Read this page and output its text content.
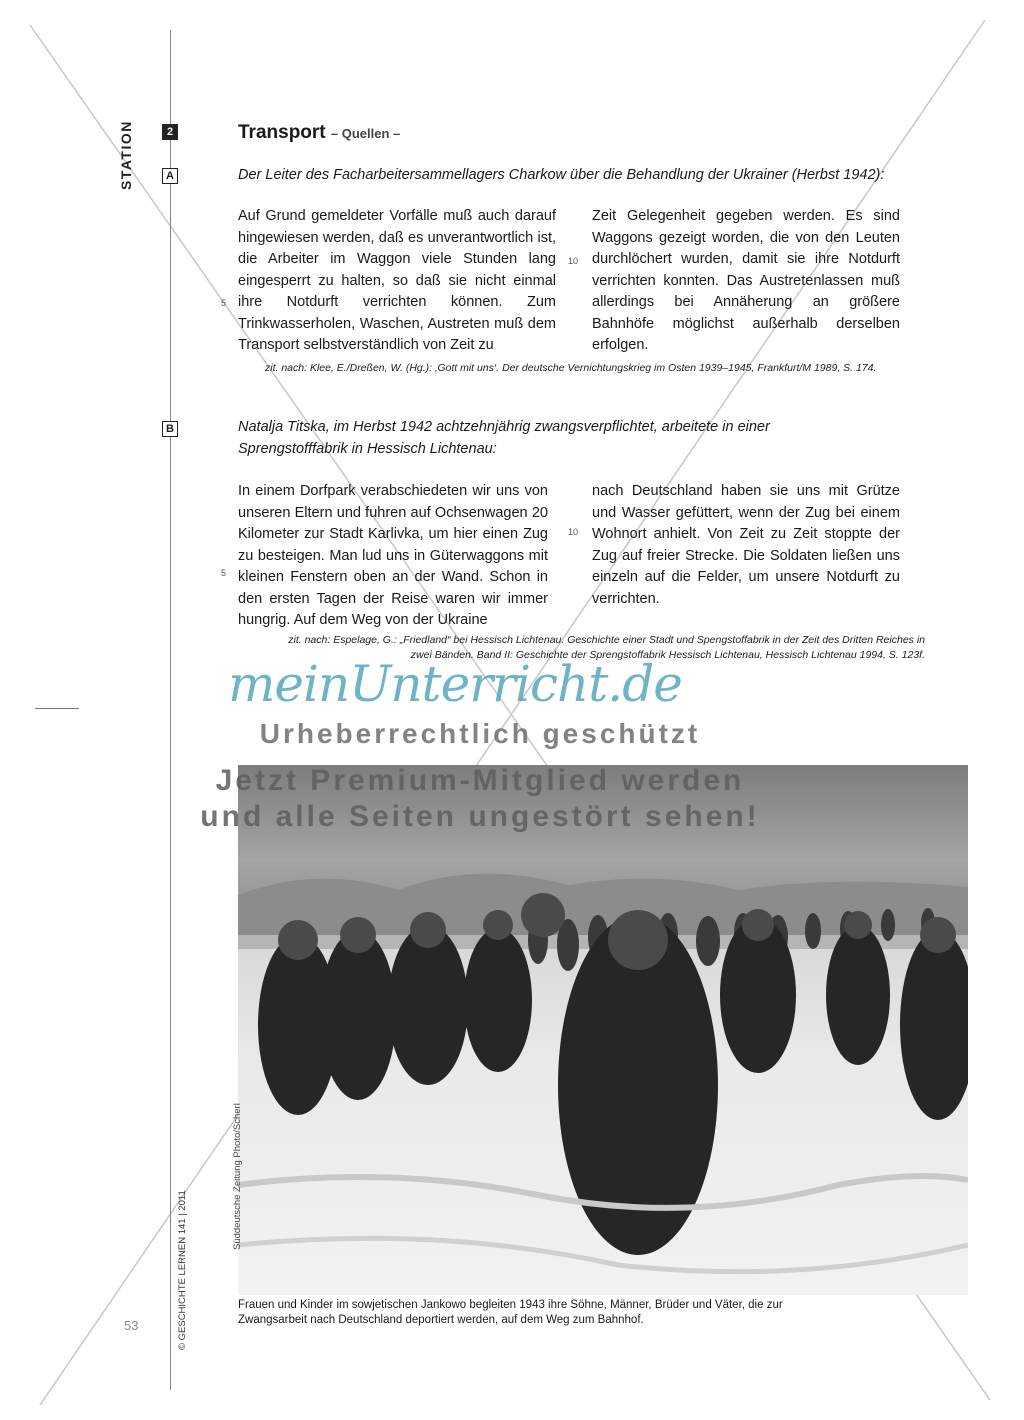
STATION	2	Transport – Quellen –
A	Der Leiter des Facharbeitersammellagers Charkow über die Behandlung der Ukrainer (Herbst 1942):
Auf Grund gemeldeter Vorfälle muß auch darauf hingewiesen werden, daß es unverantwortlich ist, die Arbeiter im Waggon viele Stunden lang eingesperrt zu halten, so daß sie nicht einmal ihre Notdurft verrichten können. Zum Trinkwasserholen, Waschen, Austreten muß dem Transport selbstverständlich von Zeit zu
Zeit Gelegenheit gegeben werden. Es sind Waggons gezeigt worden, die von den Leuten durchlöchert wurden, damit sie ihre Notdurft verrichten konnten. Das Austretenlassen muß allerdings bei Annäherung an größere Bahnhöfe möglichst außerhalb derselben erfolgen.
5
10
zit. nach: Klee, E./Dreßen, W. (Hg.): ‚Gott mit uns‘. Der deutsche Vernichtungskrieg im Osten 1939–1945, Frankfurt/M 1989, S. 174.
B	Natalja Titska, im Herbst 1942 achtzehnjährig zwangsverpflichtet, arbeitete in einer Sprengstofffabrik in Hessisch Lichtenau:
In einem Dorfpark verabschiedeten wir uns von unseren Eltern und fuhren auf Ochsenwagen 20 Kilometer zur Stadt Karlivka, um hier einen Zug zu besteigen. Man lud uns in Güterwaggons mit kleinen Fenstern oben an der Wand. Schon in den ersten Tagen der Reise waren wir immer hungrig. Auf dem Weg von der Ukraine
nach Deutschland haben sie uns mit Grütze und Wasser gefüttert, wenn der Zug bei einem Wohnort anhielt. Von Zeit zu Zeit stoppte der Zug auf freier Strecke. Die Soldaten ließen uns einzeln auf die Felder, um unsere Notdurft zu verrichten.
5
10
zit. nach: Espelage, G.: „Friedland“ bei Hessisch Lichtenau. Geschichte einer Stadt und Spengstoffabrik in der Zeit des Dritten Reiches in zwei Bänden. Band II: Geschichte der Sprengstoffabrik Hessisch Lichtenau, Hessisch Lichtenau 1994, S. 123f.
meinUnterricht.de
Urheberrechtlich geschützt
Jetzt Premium-Mitglied werden
und alle Seiten ungestört sehen!
Süddeutsche Zeitung Photo/Scherl
Frauen und Kinder im sowjetischen Jankowo begleiten 1943 ihre Söhne, Männer, Brüder und Väter, die zur Zwangsarbeit nach Deutschland deportiert werden, auf dem Weg zum Bahnhof.
© GESCHICHTE LERNEN 141 | 2011
53
